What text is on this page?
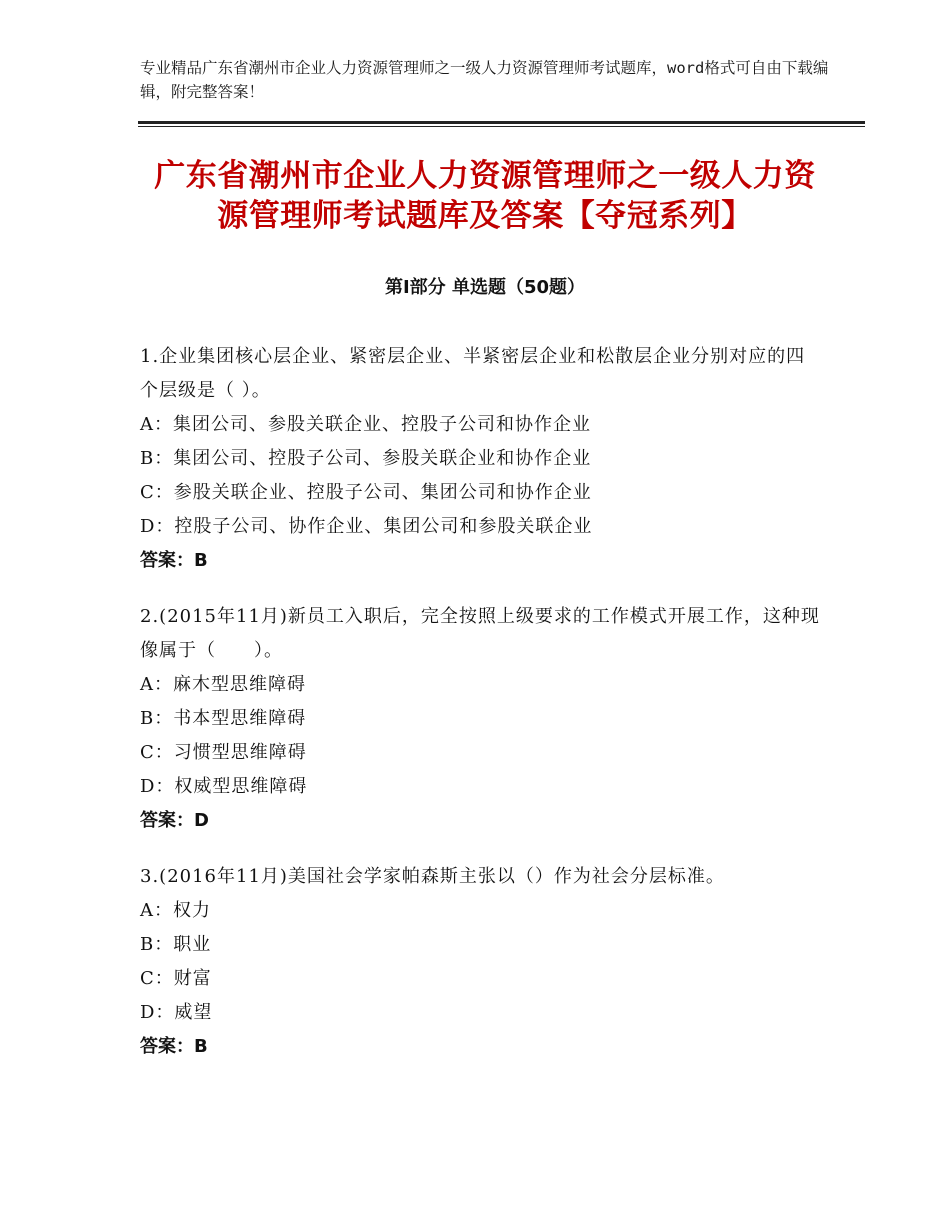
专业精品广东省潮州市企业人力资源管理师之一级人力资源管理师考试题库，word格式可自由下载编辑，附完整答案！
广东省潮州市企业人力资源管理师之一级人力资源管理师考试题库及答案【夺冠系列】
第Ⅰ部分 单选题（50题）

1.企业集团核心层企业、紧密层企业、半紧密层企业和松散层企业分别对应的四个层级是（ ）。

A：集团公司、参股关联企业、控股子公司和协作企业

B：集团公司、控股子公司、参股关联企业和协作企业

C：参股关联企业、控股子公司、集团公司和协作企业

D：控股子公司、协作企业、集团公司和参股关联企业

答案：B

2.(2015年11月)新员工入职后，完全按照上级要求的工作模式开展工作，这种现像属于（　　）。

A：麻木型思维障碍

B：书本型思维障碍

C：习惯型思维障碍

D：权威型思维障碍

答案：D

3.(2016年11月)美国社会学家帕森斯主张以（）作为社会分层标准。

A：权力

B：职业

C：财富

D：威望

答案：B
